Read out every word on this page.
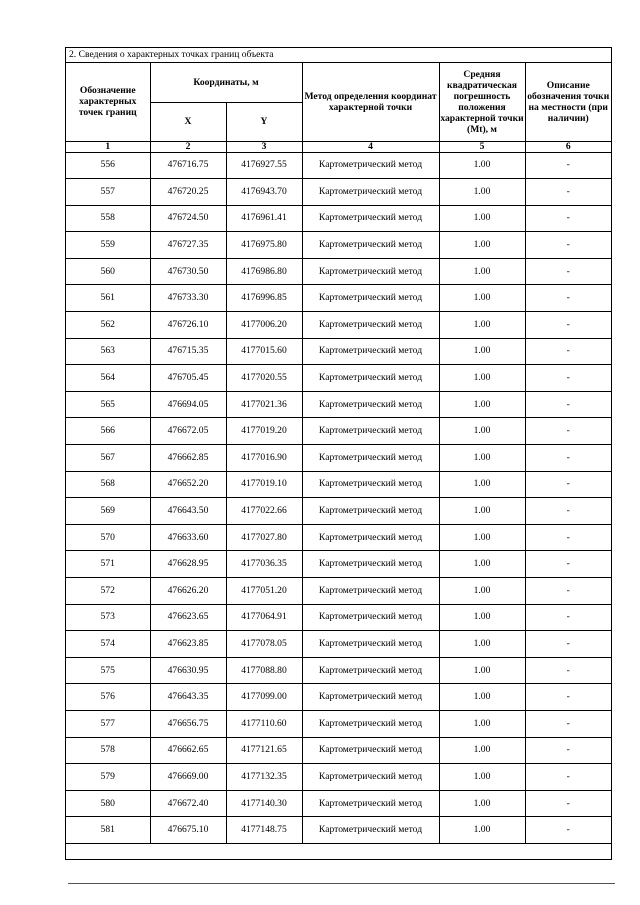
2. Сведения о характерных точках границ объекта
Обозначение характерных точек границ	Координаты, м		Метод определения координат характерной точки	Средняя квадратическая погрешность положения характерной точки (Mt), м	Описание обозначения точки на местности (при наличии)
	X	Y			
1	2	3	4	5	6
556	476716.75	4176927.55	Картометрический метод	1.00	-
557	476720.25	4176943.70	Картометрический метод	1.00	-
558	476724.50	4176961.41	Картометрический метод	1.00	-
559	476727.35	4176975.80	Картометрический метод	1.00	-
560	476730.50	4176986.80	Картометрический метод	1.00	-
561	476733.30	4176996.85	Картометрический метод	1.00	-
562	476726.10	4177006.20	Картометрический метод	1.00	-
563	476715.35	4177015.60	Картометрический метод	1.00	-
564	476705.45	4177020.55	Картометрический метод	1.00	-
565	476694.05	4177021.36	Картометрический метод	1.00	-
566	476672.05	4177019.20	Картометрический метод	1.00	-
567	476662.85	4177016.90	Картометрический метод	1.00	-
568	476652.20	4177019.10	Картометрический метод	1.00	-
569	476643.50	4177022.66	Картометрический метод	1.00	-
570	476633.60	4177027.80	Картометрический метод	1.00	-
571	476628.95	4177036.35	Картометрический метод	1.00	-
572	476626.20	4177051.20	Картометрический метод	1.00	-
573	476623.65	4177064.91	Картометрический метод	1.00	-
574	476623.85	4177078.05	Картометрический метод	1.00	-
575	476630.95	4177088.80	Картометрический метод	1.00	-
576	476643.35	4177099.00	Картометрический метод	1.00	-
577	476656.75	4177110.60	Картометрический метод	1.00	-
578	476662.65	4177121.65	Картометрический метод	1.00	-
579	476669.00	4177132.35	Картометрический метод	1.00	-
580	476672.40	4177140.30	Картометрический метод	1.00	-
581	476675.10	4177148.75	Картометрический метод	1.00	-
